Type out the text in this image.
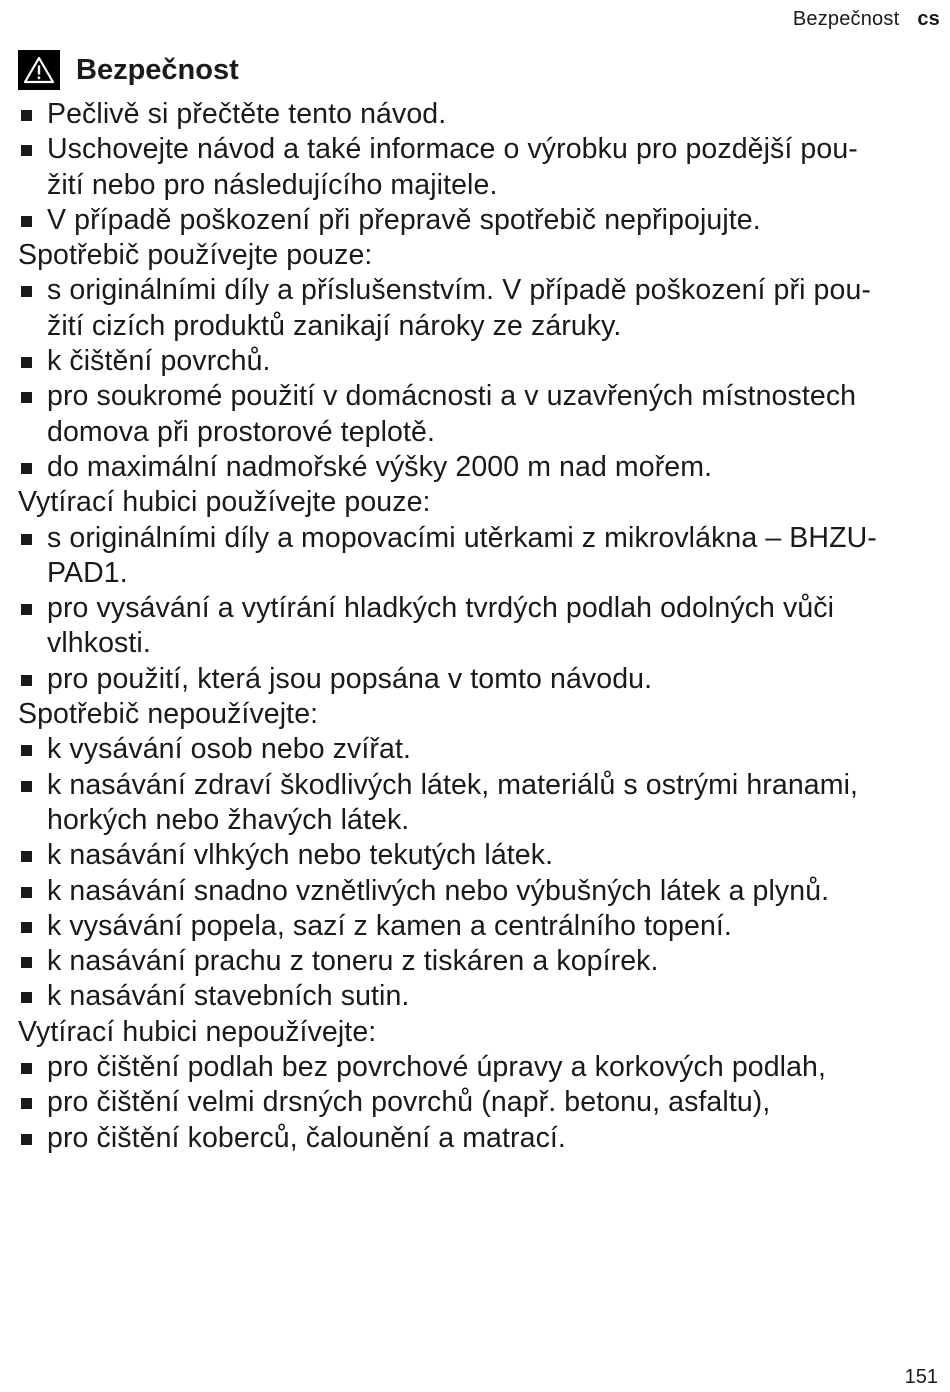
Bezpečnost cs
Bezpečnost
Pečlivě si přečtěte tento návod.
Uschovejte návod a také informace o výrobku pro pozdější pou-
žití nebo pro následujícího majitele.
V případě poškození při přepravě spotřebič nepřipojujte.
Spotřebič používejte pouze:
s originálními díly a příslušenstvím. V případě poškození při pou-
žití cizích produktů zanikají nároky ze záruky.
k čištění povrchů.
pro soukromé použití v domácnosti a v uzavřených místnostech
domova při prostorové teplotě.
do maximální nadmořské výšky 2000 m nad mořem.
Vytírací hubici používejte pouze:
s originálními díly a mopovacími utěrkami z mikrovlákna – BHZU-
PAD1.
pro vysávání a vytírání hladkých tvrdých podlah odolných vůči
vlhkosti.
pro použití, která jsou popsána v tomto návodu.
Spotřebič nepoužívejte:
k vysávání osob nebo zvířat.
k nasávání zdraví škodlivých látek, materiálů s ostrými hranami,
horkých nebo žhavých látek.
k nasávání vlhkých nebo tekutých látek.
k nasávání snadno vznětlivých nebo výbušných látek a plynů.
k vysávání popela, sazí z kamen a centrálního topení.
k nasávání prachu z toneru z tiskáren a kopírek.
k nasávání stavebních sutin.
Vytírací hubici nepoužívejte:
pro čištění podlah bez povrchové úpravy a korkových podlah,
pro čištění velmi drsných povrchů (např. betonu, asfaltu),
pro čištění koberců, čalounění a matrací.
151
